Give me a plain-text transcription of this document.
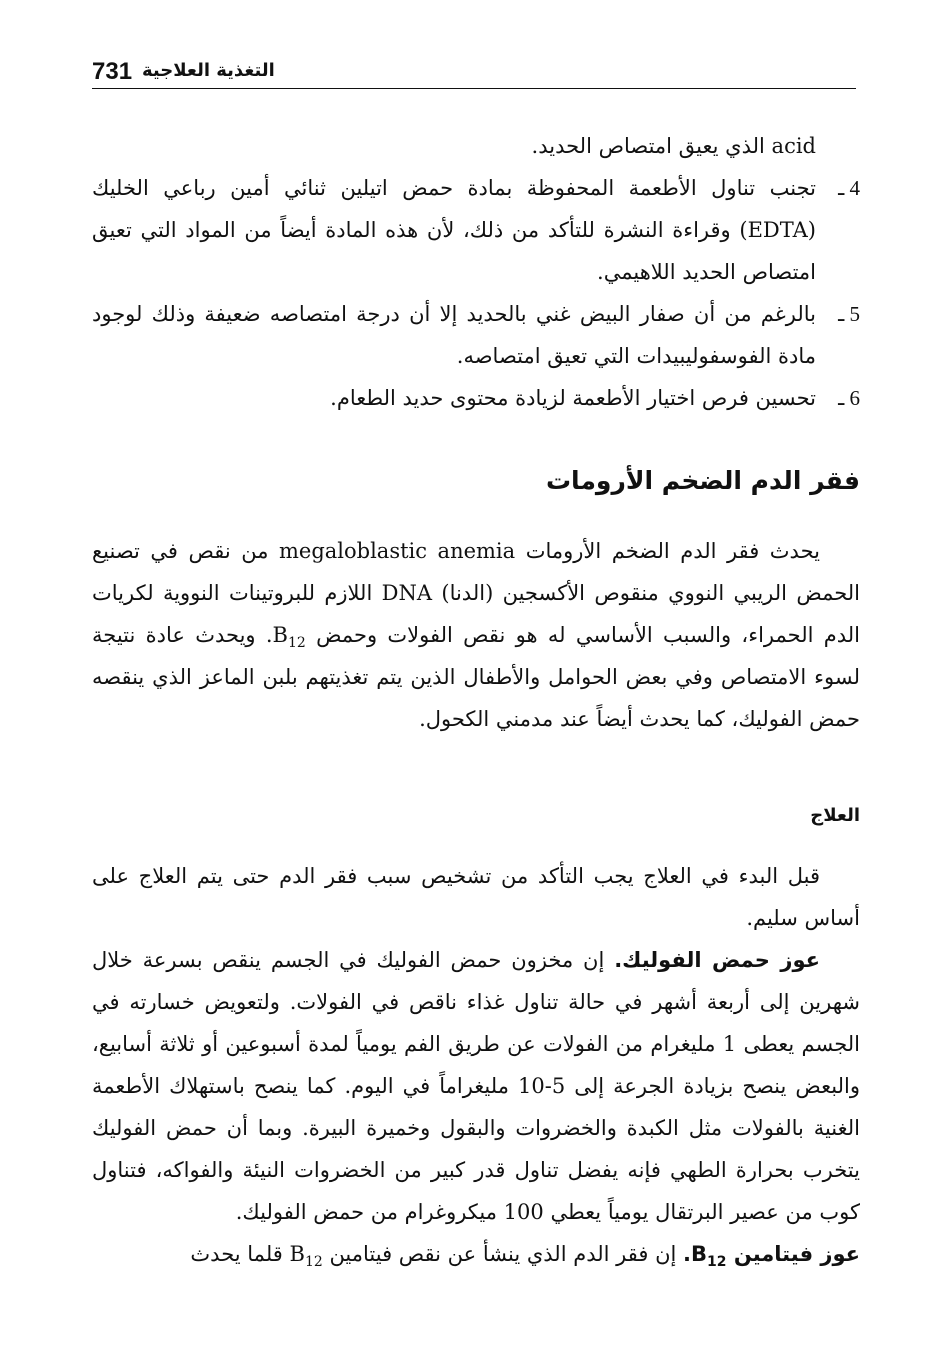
731 التغذية العلاجية

acid الذي يعيق امتصاص الحديد.

4 ـ
تجنب تناول الأطعمة المحفوظة بمادة حمض اتيلين ثنائي أمين رباعي الخليك (EDTA) وقراءة النشرة للتأكد من ذلك، لأن هذه المادة أيضاً من المواد التي تعيق امتصاص الحديد اللاهيمي.
5 ـ
بالرغم من أن صفار البيض غني بالحديد إلا أن درجة امتصاصه ضعيفة وذلك لوجود مادة الفوسفوليبيدات التي تعيق امتصاصه.
6 ـ
تحسين فرص اختيار الأطعمة لزيادة محتوى حديد الطعام.
فقر الدم الضخم الأرومات

يحدث فقر الدم الضخم الأرومات megaloblastic anemia من نقص في تصنيع الحمض الريبي النووي منقوص الأكسجين (الدنا) DNA اللازم للبروتينات النووية لكريات الدم الحمراء، والسبب الأساسي له هو نقص الفولات وحمض $B_{12}$. ويحدث عادة نتيجة لسوء الامتصاص وفي بعض الحوامل والأطفال الذين يتم تغذيتهم بلبن الماعز الذي ينقصه حمض الفوليك، كما يحدث أيضاً عند مدمني الكحول.

العلاج

قبل البدء في العلاج يجب التأكد من تشخيص سبب فقر الدم حتى يتم العلاج على أساس سليم.

عوز حمض الفوليك. إن مخزون حمض الفوليك في الجسم ينقص بسرعة خلال شهرين إلى أربعة أشهر في حالة تناول غذاء ناقص في الفولات. ولتعويض خسارته في الجسم يعطى 1 مليغرام من الفولات عن طريق الفم يومياً لمدة أسبوعين أو ثلاثة أسابيع، والبعض ينصح بزيادة الجرعة إلى 5-10 مليغراماً في اليوم. كما ينصح باستهلاك الأطعمة الغنية بالفولات مثل الكبدة والخضروات والبقول وخميرة البيرة. وبما أن حمض الفوليك يتخرب بحرارة الطهي فإنه يفضل تناول قدر كبير من الخضروات النيئة والفواكه، فتناول كوب من عصير البرتقال يومياً يعطي 100 ميكروغرام من حمض الفوليك.

عوز فيتامين $B_{12}$. إن فقر الدم الذي ينشأ عن نقص فيتامين $B_{12}$ قلما يحدث
